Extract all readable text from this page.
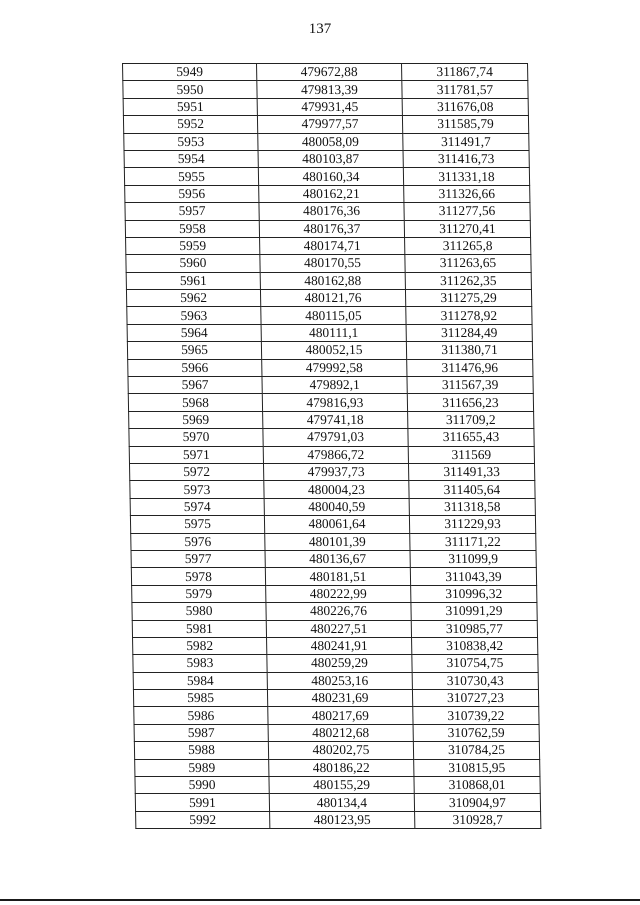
137
5949	479672,88	311867,74
5950	479813,39	311781,57
5951	479931,45	311676,08
5952	479977,57	311585,79
5953	480058,09	311491,7
5954	480103,87	311416,73
5955	480160,34	311331,18
5956	480162,21	311326,66
5957	480176,36	311277,56
5958	480176,37	311270,41
5959	480174,71	311265,8
5960	480170,55	311263,65
5961	480162,88	311262,35
5962	480121,76	311275,29
5963	480115,05	311278,92
5964	480111,1	311284,49
5965	480052,15	311380,71
5966	479992,58	311476,96
5967	479892,1	311567,39
5968	479816,93	311656,23
5969	479741,18	311709,2
5970	479791,03	311655,43
5971	479866,72	311569
5972	479937,73	311491,33
5973	480004,23	311405,64
5974	480040,59	311318,58
5975	480061,64	311229,93
5976	480101,39	311171,22
5977	480136,67	311099,9
5978	480181,51	311043,39
5979	480222,99	310996,32
5980	480226,76	310991,29
5981	480227,51	310985,77
5982	480241,91	310838,42
5983	480259,29	310754,75
5984	480253,16	310730,43
5985	480231,69	310727,23
5986	480217,69	310739,22
5987	480212,68	310762,59
5988	480202,75	310784,25
5989	480186,22	310815,95
5990	480155,29	310868,01
5991	480134,4	310904,97
5992	480123,95	310928,7
